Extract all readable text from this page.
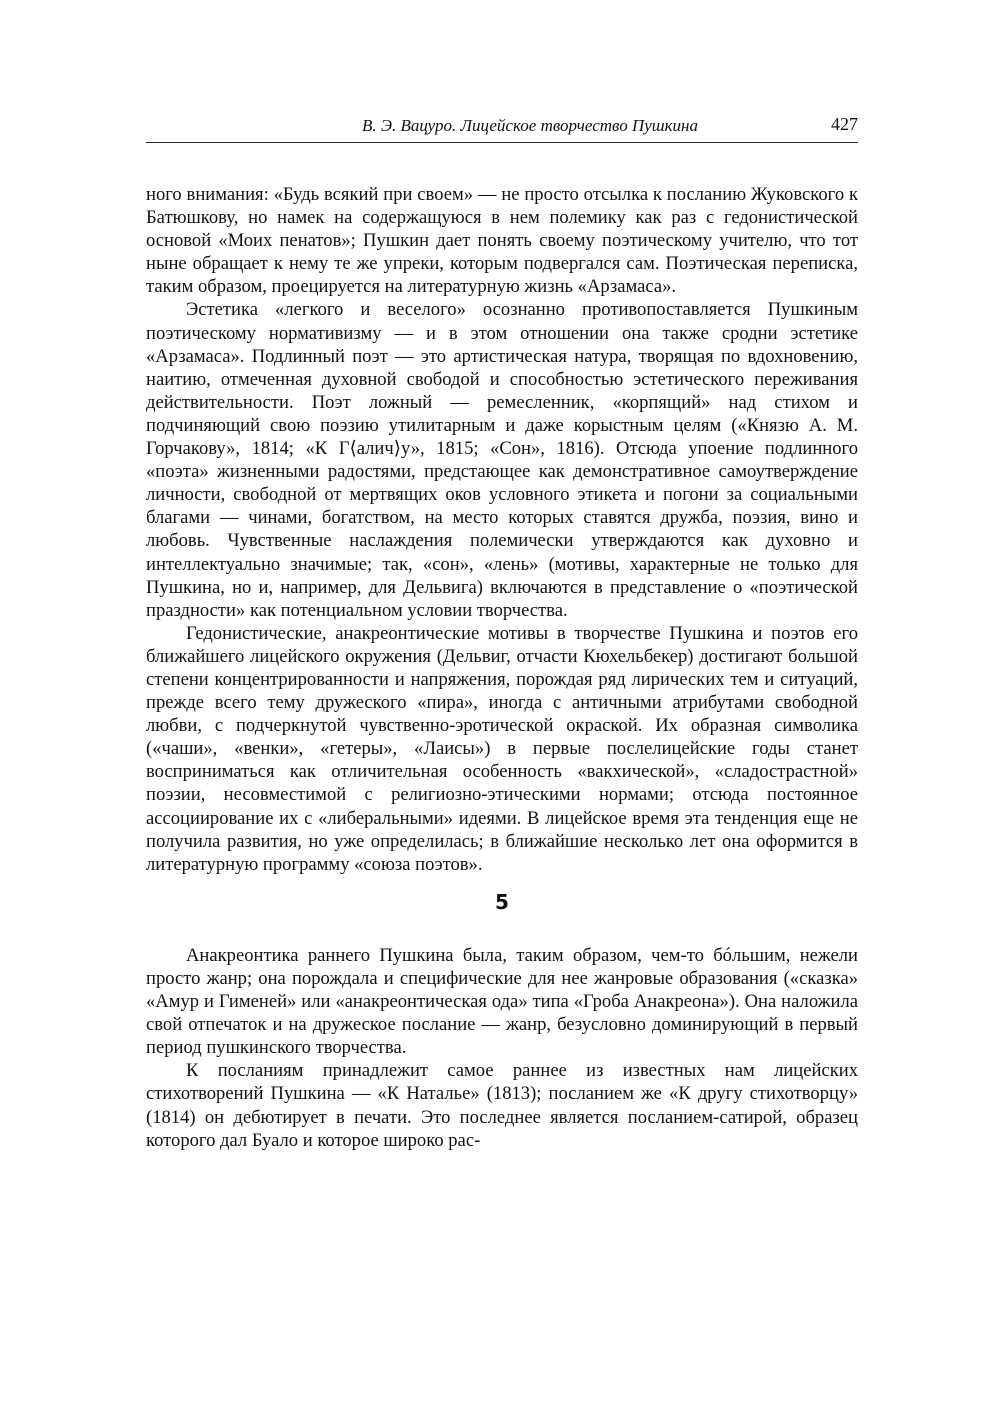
В. Э. Вацуро. Лицейское творчество Пушкина	427

ного внимания: «Будь всякий при своем» — не просто отсылка к посланию Жуковского к Батюшкову, но намек на содержащуюся в нем полемику как раз с гедонистической основой «Моих пенатов»; Пушкин дает понять своему поэтическому учителю, что тот ныне обращает к нему те же упреки, которым подвергался сам. Поэтическая переписка, таким образом, проецируется на литературную жизнь «Арзамаса».

Эстетика «легкого и веселого» осознанно противопоставляется Пушкиным поэтическому нормативизму — и в этом отношении она также сродни эстетике «Арзамаса». Подлинный поэт — это артистическая натура, творящая по вдохновению, наитию, отмеченная духовной свободой и способностью эстетического переживания действительности. Поэт ложный — ремесленник, «корпящий» над стихом и подчиняющий свою поэзию утилитарным и даже корыстным целям («Князю А. М. Горчакову», 1814; «К Г⟨алич⟩у», 1815; «Сон», 1816). Отсюда упоение подлинного «поэта» жизненными радостями, предстающее как демонстративное самоутверждение личности, свободной от мертвящих оков условного этикета и погони за социальными благами — чинами, богатством, на место которых ставятся дружба, поэзия, вино и любовь. Чувственные наслаждения полемически утверждаются как духовно и интеллектуально значимые; так, «сон», «лень» (мотивы, характерные не только для Пушкина, но и, например, для Дельвига) включаются в представление о «поэтической праздности» как потенциальном условии творчества.

Гедонистические, анакреонтические мотивы в творчестве Пушкина и поэтов его ближайшего лицейского окружения (Дельвиг, отчасти Кюхельбекер) достигают большой степени концентрированности и напряжения, порождая ряд лирических тем и ситуаций, прежде всего тему дружеского «пира», иногда с античными атрибутами свободной любви, с подчеркнутой чувственно-эротической окраской. Их образная символика («чаши», «венки», «гетеры», «Лаисы») в первые послелицейские годы станет восприниматься как отличительная особенность «вакхической», «сладострастной» поэзии, несовместимой с религиозно-этическими нормами; отсюда постоянное ассоциирование их с «либеральными» идеями. В лицейское время эта тенденция еще не получила развития, но уже определилась; в ближайшие несколько лет она оформится в литературную программу «союза поэтов».

5

Анакреонтика раннего Пушкина была, таким образом, чем-то бóльшим, нежели просто жанр; она порождала и специфические для нее жанровые образования («сказка» «Амур и Гименей» или «анакреонтическая ода» типа «Гроба Анакреона»). Она наложила свой отпечаток и на дружеское послание — жанр, безусловно доминирующий в первый период пушкинского творчества.

К посланиям принадлежит самое раннее из известных нам лицейских стихотворений Пушкина — «К Наталье» (1813); посланием же «К другу стихотворцу» (1814) он дебютирует в печати. Это последнее является посланием-сатирой, образец которого дал Буало и которое широко рас-
